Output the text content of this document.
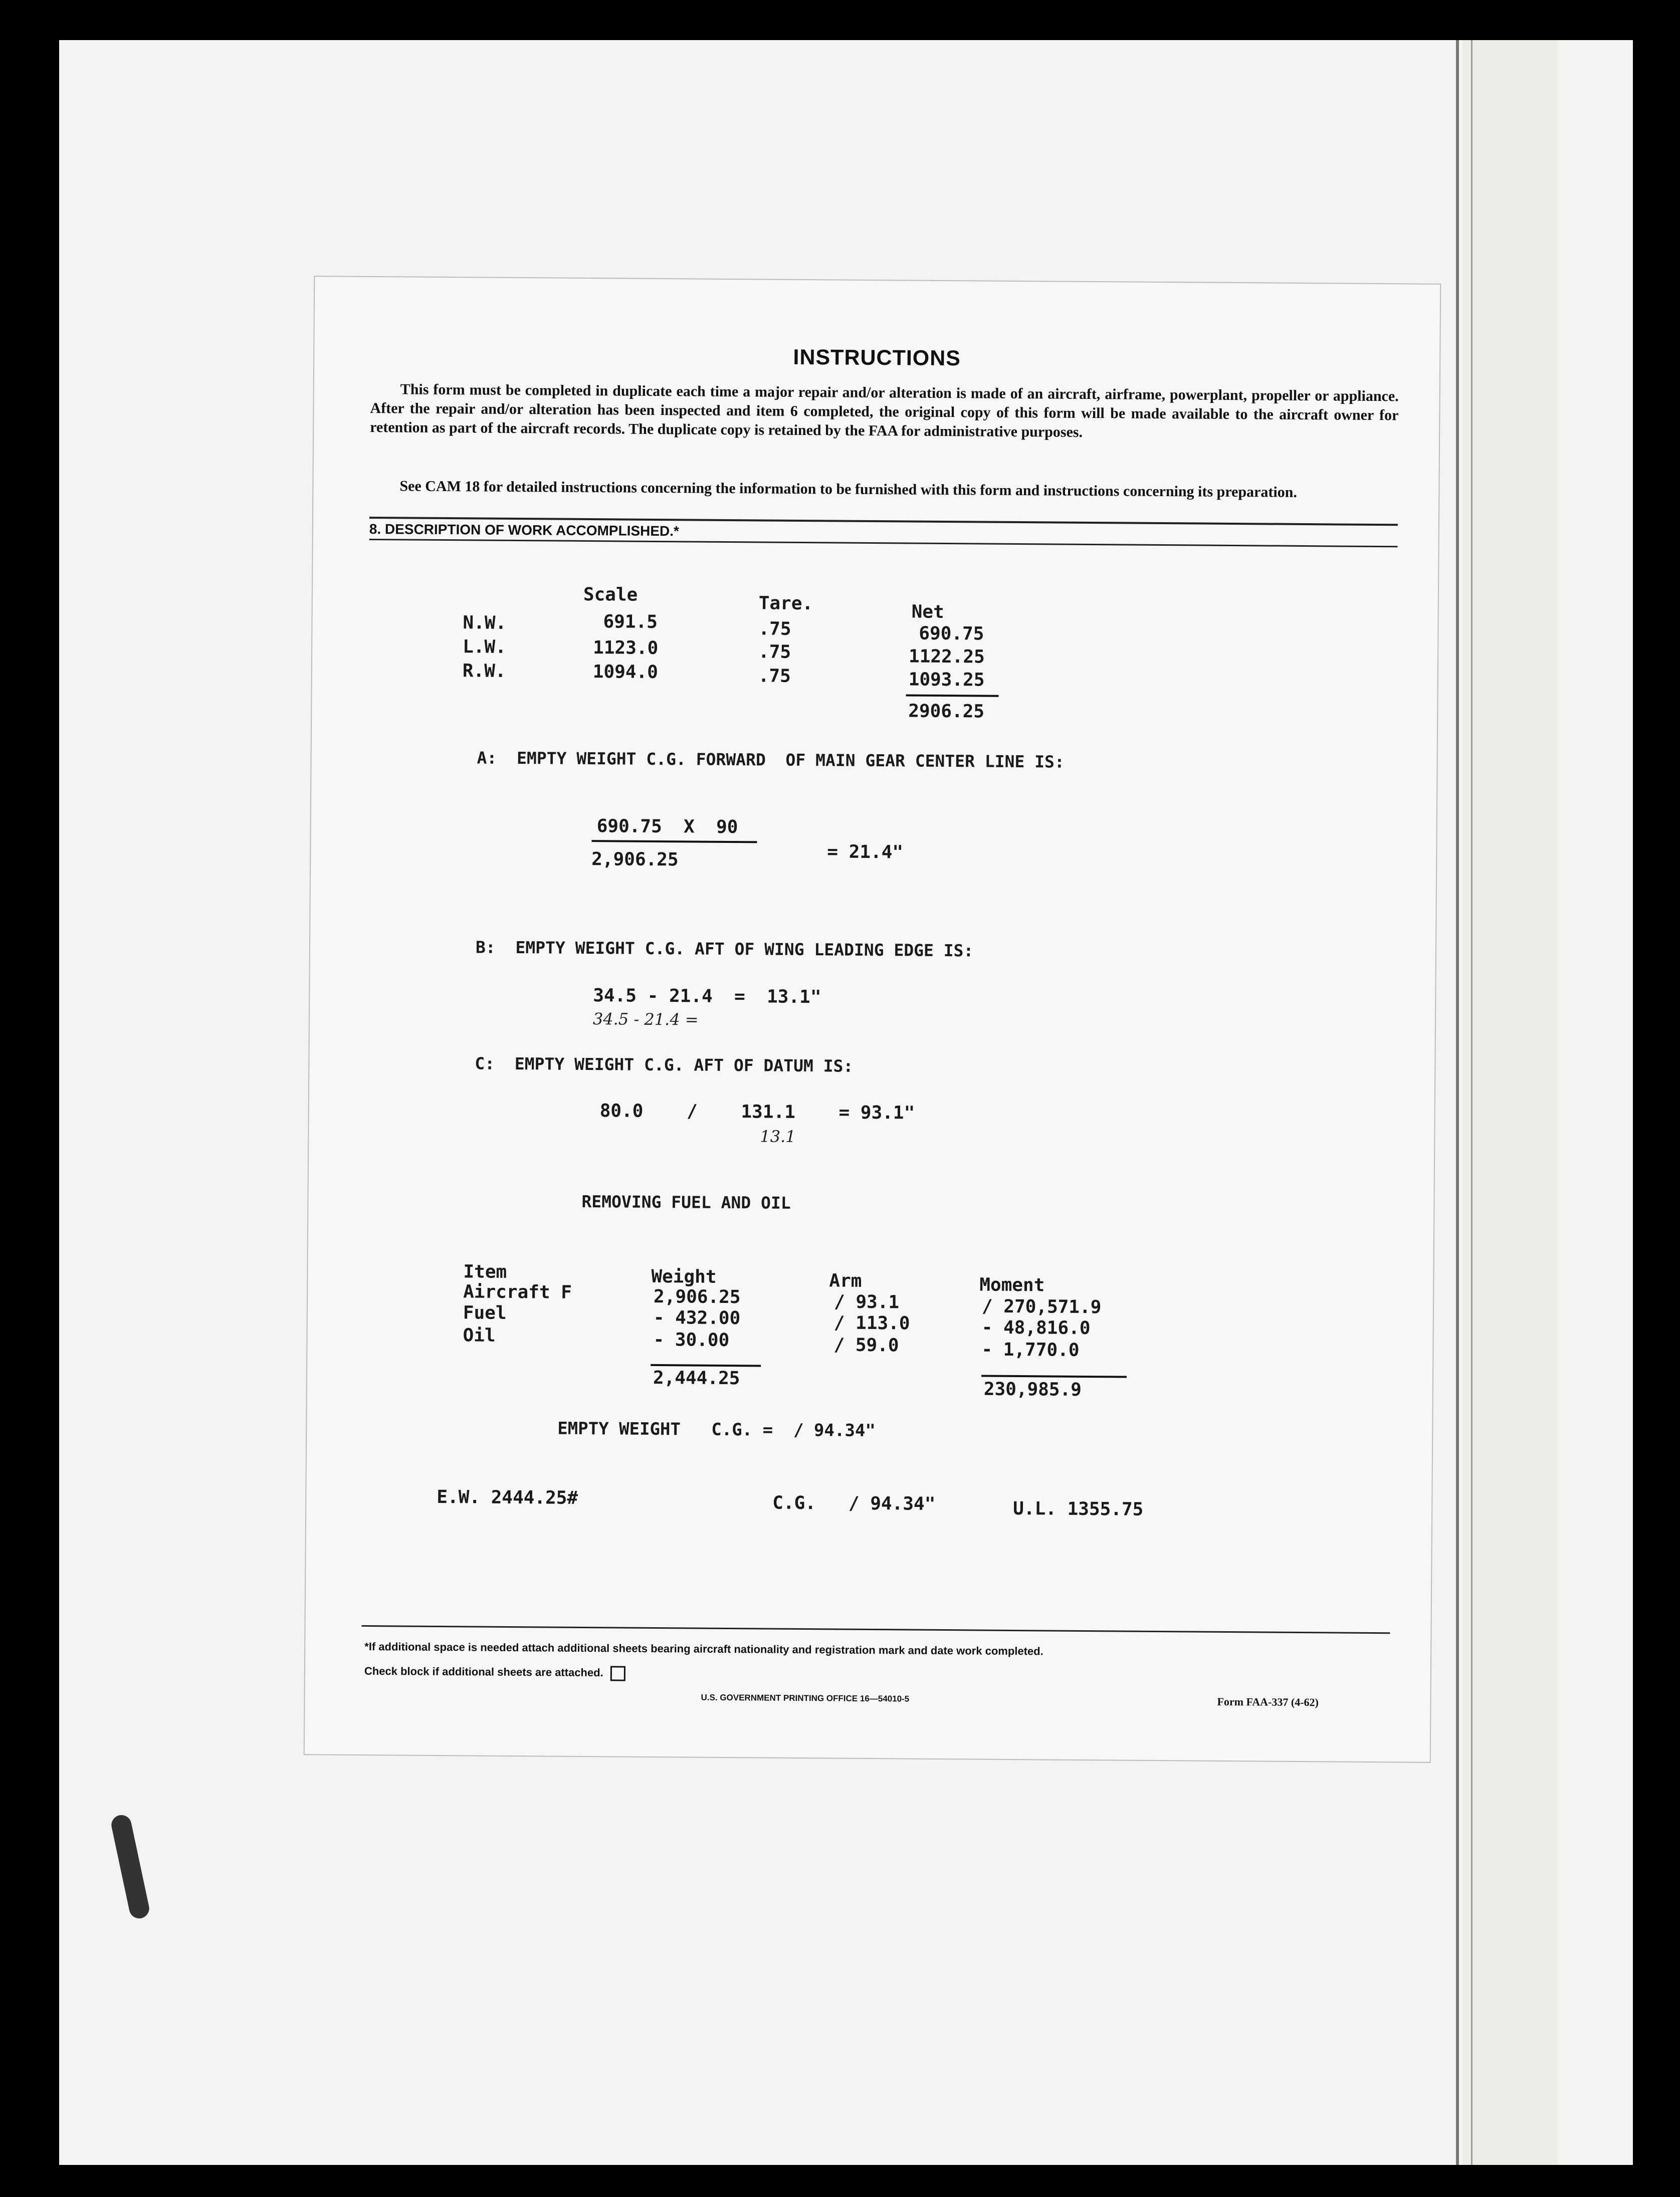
INSTRUCTIONS
This form must be completed in duplicate each time a major repair and/or alteration is made of an aircraft, airframe, powerplant, propeller or appliance. After the repair and/or alteration has been inspected and item 6 completed, the original copy of this form will be made available to the aircraft owner for retention as part of the aircraft records. The duplicate copy is retained by the FAA for administrative purposes.
See CAM 18 for detailed instructions concerning the information to be furnished with this form and instructions concerning its preparation.
8. DESCRIPTION OF WORK ACCOMPLISHED.*
Scale	Tare.	Net
N.W.	691.5	.75	690.75
L.W.	1123.0	.75	1122.25
R.W.	1094.0	.75	1093.25
2906.25
A:  EMPTY WEIGHT C.G. FORWARD  OF MAIN GEAR CENTER LINE IS:
690.75  X  90
2,906.25	= 21.4"
B:  EMPTY WEIGHT C.G. AFT OF WING LEADING EDGE IS:
34.5 - 21.4  =  13.1"
34.5 - 21.4 =
C:  EMPTY WEIGHT C.G. AFT OF DATUM IS:
80.0    /    131.1    = 93.1"
13.1
REMOVING FUEL AND OIL
Item	Weight	Arm	Moment
Aircraft F	2,906.25	/ 93.1	/ 270,571.9
Fuel	- 432.00	/ 113.0	- 48,816.0
Oil	- 30.00	/ 59.0	- 1,770.0
2,444.25
230,985.9
EMPTY WEIGHT   C.G. =  / 94.34"
E.W. 2444.25#	C.G.   / 94.34"	U.L. 1355.75
*If additional space is needed attach additional sheets bearing aircraft nationality and registration mark and date work completed.
Check block if additional sheets are attached.
U.S. GOVERNMENT PRINTING OFFICE 16—54010-5	Form FAA-337 (4-62)
